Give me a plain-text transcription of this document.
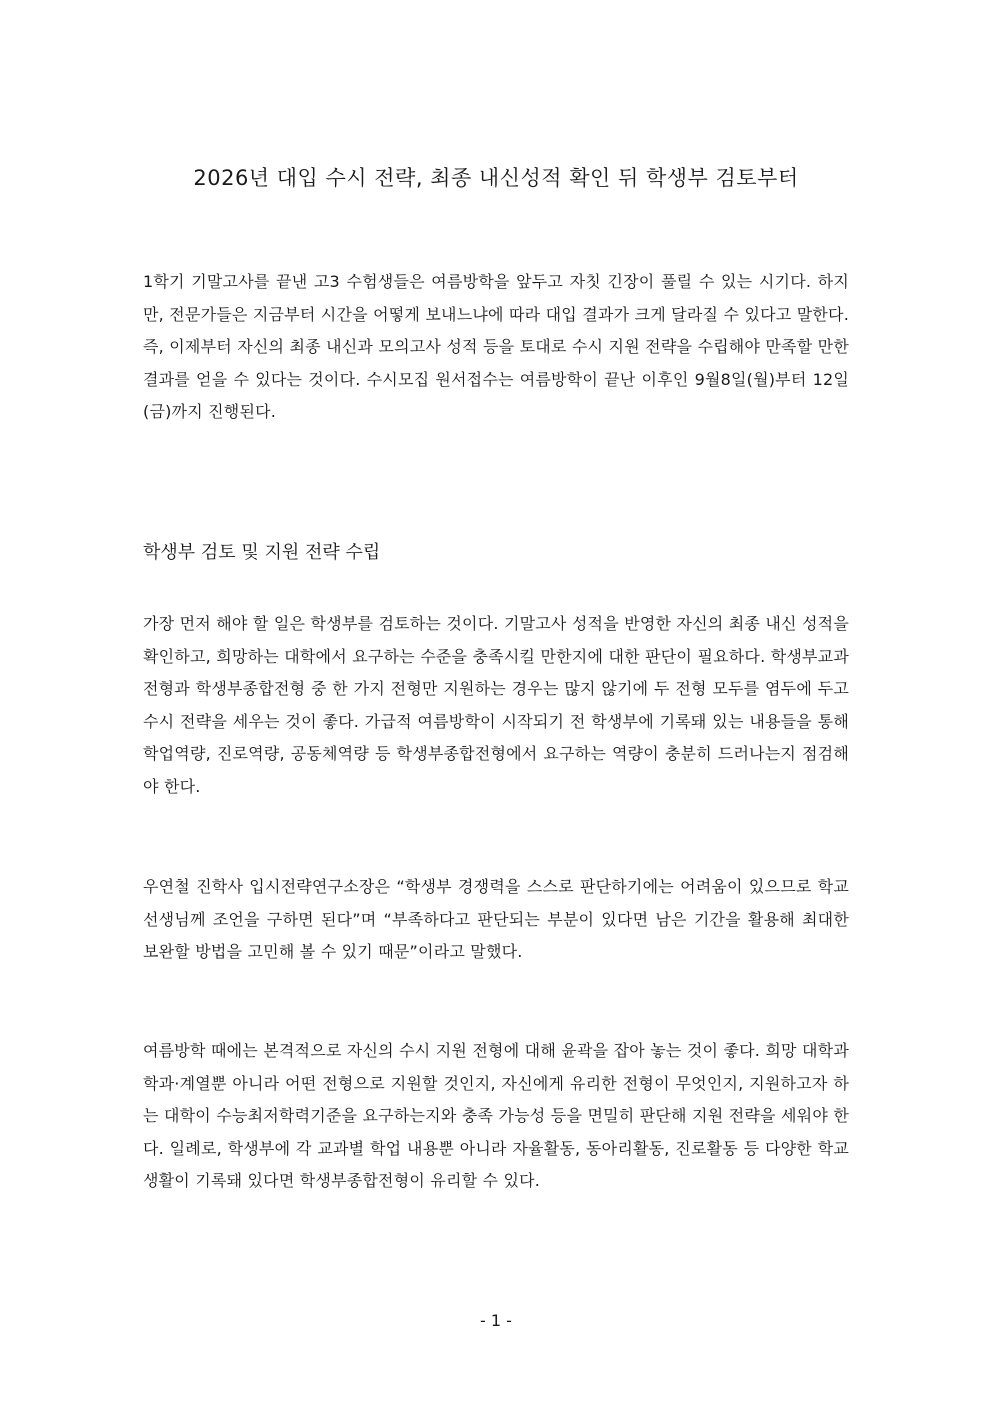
2026년 대입 수시 전략, 최종 내신성적 확인 뒤 학생부 검토부터

1학기 기말고사를 끝낸 고3 수험생들은 여름방학을 앞두고 자칫 긴장이 풀릴 수 있는 시기다. 하지만, 전문가들은 지금부터 시간을 어떻게 보내느냐에 따라 대입 결과가 크게 달라질 수 있다고 말한다. 즉, 이제부터 자신의 최종 내신과 모의고사 성적 등을 토대로 수시 지원 전략을 수립해야 만족할 만한 결과를 얻을 수 있다는 것이다. 수시모집 원서접수는 여름방학이 끝난 이후인 9월8일(월)부터 12일(금)까지 진행된다.

학생부 검토 및 지원 전략 수립

가장 먼저 해야 할 일은 학생부를 검토하는 것이다. 기말고사 성적을 반영한 자신의 최종 내신 성적을 확인하고, 희망하는 대학에서 요구하는 수준을 충족시킬 만한지에 대한 판단이 필요하다. 학생부교과전형과 학생부종합전형 중 한 가지 전형만 지원하는 경우는 많지 않기에 두 전형 모두를 염두에 두고 수시 전략을 세우는 것이 좋다. 가급적 여름방학이 시작되기 전 학생부에 기록돼 있는 내용들을 통해 학업역량, 진로역량, 공동체역량 등 학생부종합전형에서 요구하는 역량이 충분히 드러나는지 점검해야 한다.

우연철 진학사 입시전략연구소장은 “학생부 경쟁력을 스스로 판단하기에는 어려움이 있으므로 학교 선생님께 조언을 구하면 된다”며 “부족하다고 판단되는 부분이 있다면 남은 기간을 활용해 최대한 보완할 방법을 고민해 볼 수 있기 때문”이라고 말했다.

여름방학 때에는 본격적으로 자신의 수시 지원 전형에 대해 윤곽을 잡아 놓는 것이 좋다. 희망 대학과 학과·계열뿐 아니라 어떤 전형으로 지원할 것인지, 자신에게 유리한 전형이 무엇인지, 지원하고자 하는 대학이 수능최저학력기준을 요구하는지와 충족 가능성 등을 면밀히 판단해 지원 전략을 세워야 한다. 일례로, 학생부에 각 교과별 학업 내용뿐 아니라 자율활동, 동아리활동, 진로활동 등 다양한 학교생활이 기록돼 있다면 학생부종합전형이 유리할 수 있다.

- 1 -
